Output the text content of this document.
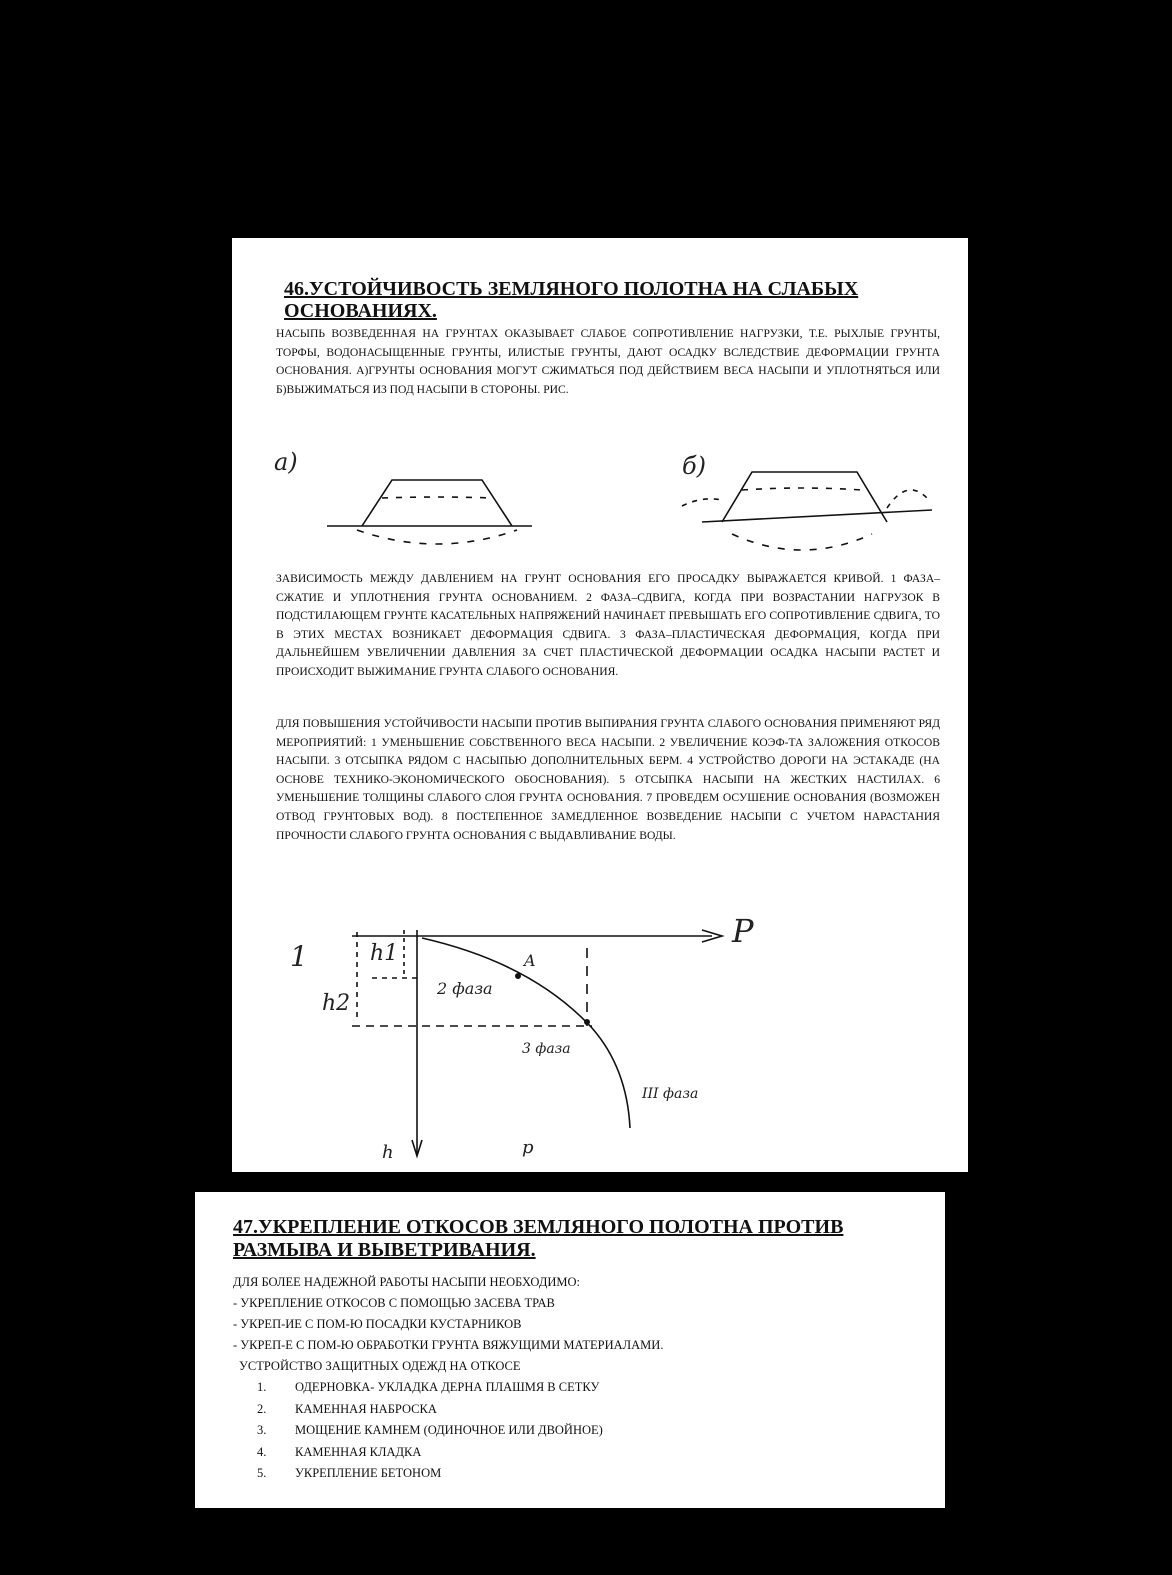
46.УСТОЙЧИВОСТЬ ЗЕМЛЯНОГО ПОЛОТНА НА СЛАБЫХ ОСНОВАНИЯХ.
НАСЫПЬ ВОЗВЕДЕННАЯ НА ГРУНТАХ ОКАЗЫВАЕТ СЛАБОЕ СОПРОТИВЛЕНИЕ НАГРУЗКИ, Т.Е. РЫХЛЫЕ ГРУНТЫ, ТОРФЫ, ВОДОНАСЫЩЕННЫЕ ГРУНТЫ, ИЛИСТЫЕ ГРУНТЫ, ДАЮТ ОСАДКУ ВСЛЕДСТВИЕ ДЕФОРМАЦИИ ГРУНТА ОСНОВАНИЯ. А)ГРУНТЫ ОСНОВАНИЯ МОГУТ СЖИМАТЬСЯ ПОД ДЕЙСТВИЕМ ВЕСА НАСЫПИ И УПЛОТНЯТЬСЯ ИЛИ Б)ВЫЖИМАТЬСЯ ИЗ ПОД НАСЫПИ В СТОРОНЫ. РИС.
а)	б)
ЗАВИСИМОСТЬ МЕЖДУ ДАВЛЕНИЕМ НА ГРУНТ ОСНОВАНИЯ ЕГО ПРОСАДКУ ВЫРАЖАЕТСЯ КРИВОЙ. 1 ФАЗА–СЖАТИЕ И УПЛОТНЕНИЯ ГРУНТА ОСНОВАНИЕМ. 2 ФАЗА–СДВИГА, КОГДА ПРИ ВОЗРАСТАНИИ НАГРУЗОК В ПОДСТИЛАЮЩЕМ ГРУНТЕ КАСАТЕЛЬНЫХ НАПРЯЖЕНИЙ НАЧИНАЕТ ПРЕВЫШАТЬ ЕГО СОПРОТИВЛЕНИЕ СДВИГА, ТО В ЭТИХ МЕСТАХ ВОЗНИКАЕТ ДЕФОРМАЦИЯ СДВИГА. 3 ФАЗА–ПЛАСТИЧЕСКАЯ ДЕФОРМАЦИЯ, КОГДА ПРИ ДАЛЬНЕЙШЕМ УВЕЛИЧЕНИИ ДАВЛЕНИЯ ЗА СЧЕТ ПЛАСТИЧЕСКОЙ ДЕФОРМАЦИИ ОСАДКА НАСЫПИ РАСТЕТ И ПРОИСХОДИТ ВЫЖИМАНИЕ ГРУНТА СЛАБОГО ОСНОВАНИЯ.
ДЛЯ ПОВЫШЕНИЯ УСТОЙЧИВОСТИ НАСЫПИ ПРОТИВ ВЫПИРАНИЯ ГРУНТА СЛАБОГО ОСНОВАНИЯ ПРИМЕНЯЮТ РЯД МЕРОПРИЯТИЙ: 1 УМЕНЬШЕНИЕ СОБСТВЕННОГО ВЕСА НАСЫПИ. 2 УВЕЛИЧЕНИЕ КОЭФ-ТА ЗАЛОЖЕНИЯ ОТКОСОВ НАСЫПИ. 3 ОТСЫПКА РЯДОМ С НАСЫПЬЮ ДОПОЛНИТЕЛЬНЫХ БЕРМ. 4 УСТРОЙСТВО ДОРОГИ НА ЭСТАКАДЕ (НА ОСНОВЕ ТЕХНИКО-ЭКОНОМИЧЕСКОГО ОБОСНОВАНИЯ). 5 ОТСЫПКА НАСЫПИ НА ЖЕСТКИХ НАСТИЛАХ. 6 УМЕНЬШЕНИЕ ТОЛЩИНЫ СЛАБОГО СЛОЯ ГРУНТА ОСНОВАНИЯ. 7 ПРОВЕДЕМ ОСУШЕНИЕ ОСНОВАНИЯ (ВОЗМОЖЕН ОТВОД ГРУНТОВЫХ ВОД). 8 ПОСТЕПЕННОЕ ЗАМЕДЛЕННОЕ ВОЗВЕДЕНИЕ НАСЫПИ С УЧЕТОМ НАРАСТАНИЯ ПРОЧНОСТИ СЛАБОГО ГРУНТА ОСНОВАНИЯ С ВЫДАВЛИВАНИЕ ВОДЫ.
P
1	h1
h2
A
2 фаза
3 фаза
III фаза
h	p
47.УКРЕПЛЕНИЕ ОТКОСОВ ЗЕМЛЯНОГО ПОЛОТНА ПРОТИВ
РАЗМЫВА И ВЫВЕТРИВАНИЯ.
ДЛЯ БОЛЕЕ НАДЕЖНОЙ РАБОТЫ НАСЫПИ НЕОБХОДИМО:
- УКРЕПЛЕНИЕ ОТКОСОВ С ПОМОЩЬЮ ЗАСЕВА ТРАВ
- УКРЕП-ИЕ С ПОМ-Ю ПОСАДКИ КУСТАРНИКОВ
- УКРЕП-Е С ПОМ-Ю ОБРАБОТКИ ГРУНТА ВЯЖУЩИМИ МАТЕРИАЛАМИ.
УСТРОЙСТВО ЗАЩИТНЫХ ОДЕЖД НА ОТКОСЕ
1. ОДЕРНОВКА- УКЛАДКА ДЕРНА ПЛАШМЯ В СЕТКУ
2. КАМЕННАЯ НАБРОСКА
3. МОЩЕНИЕ КАМНЕМ (ОДИНОЧНОЕ ИЛИ ДВОЙНОЕ)
4. КАМЕННАЯ КЛАДКА
5. УКРЕПЛЕНИЕ БЕТОНОМ
